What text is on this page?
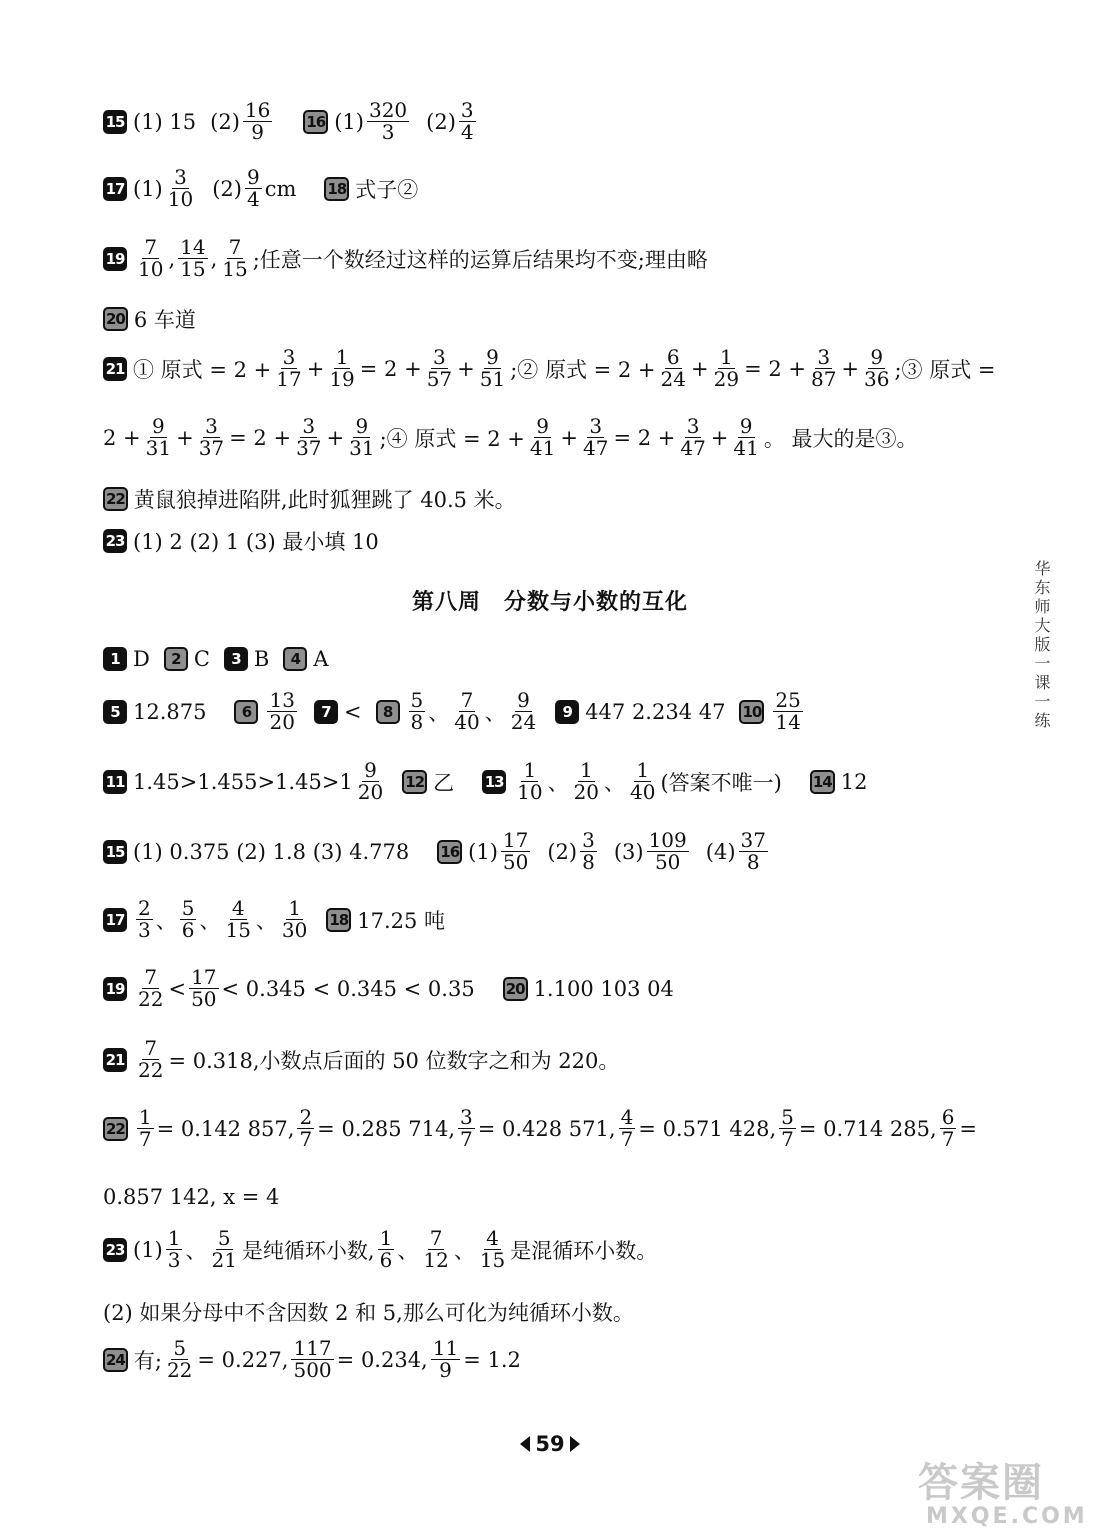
15 (1) 15 $(2) \frac{16}{9} 16$ $(1) \frac{320}{3} (2) \frac{3}{4}$
17 $(1) \frac{3}{10} (2) \frac{9}{4}$ cm 18 式子②
$19 \frac{7}{10}$ , $\frac{14}{15}$ , $\frac{7}{15}$ ;任意一个数经过这样的运算后结果均不变;理由略
20 6 车道
21 ① 原式 = $2 + \frac{3}{17} + \frac{1}{19} = 2 + \frac{3}{57} + \frac{9}{51}$ ;② 原式 = $2 + \frac{6}{24} + \frac{1}{29} = 2 + \frac{3}{87} + \frac{9}{36}$ ;③ 原式 =
$2 + \frac{9}{31} + \frac{3}{37} = 2 + \frac{3}{37} + \frac{9}{31}$ ;④ 原式 = $2 + \frac{9}{41} + \frac{3}{47} = 2 + \frac{3}{47} + \frac{9}{41}$ 。 最大的是③。
22 黄鼠狼掉进陷阱,此时狐狸跳了 40.5 米。
23 (1) 2 (2) 1 (3) 最小填 10
第八周　分数与小数的互化	华东师大版一课一练
1 D	2 C	3 B	4 A
5 12.875	$6 \frac{13}{20}$	7 <	$8 \frac{5}{8}$ 、 $\frac{7}{40}$ 、 $\frac{9}{24}$	9 447 2.234 47 $10 \frac{25}{14}$
11 $1.45>1.455>1.45>1 \frac{9}{20} 12$ 乙 $13 \frac{1}{10}$ 、 $\frac{1}{20}$ 、 $\frac{1}{40}$ (答案不唯一) 14 12
15 (1) 0.375 (2) 1.8 (3) 4.778 16 $(1) \frac{17}{50} (2) \frac{3}{8} (3) \frac{109}{50} (4) \frac{37}{8}$
$17 \frac{2}{3}$ 、 $\frac{5}{6}$ 、 $\frac{4}{15}$ 、 $\frac{1}{30} 18$ 17.25 吨
$19 \frac{7}{22} < \frac{17}{50} < 0.345 < 0.345 < 0.35$ 20 1.100 103 04
$21 \frac{7}{22} = 0.318$,小数点后面的 50 位数字之和为 220。
$22 \frac{1}{7} = 0.142$ 857, $\frac{2}{7} = 0.285$ 714, $\frac{3}{7} = 0.428$ 571, $\frac{4}{7} = 0.571$ 428, $\frac{5}{7} = 0.714$ 285, $\frac{6}{7}$ =
0.857 142, x = 4
23 $(1) \frac{1}{3}$ 、 $\frac{5}{21}$ 是纯循环小数, $\frac{1}{6}$ 、 $\frac{7}{12}$ 、 $\frac{4}{15}$ 是混循环小数。
(2) 如果分母中不含因数 2 和 5,那么可化为纯循环小数。
24 有; $\frac{5}{22} = 0.227$, $\frac{117}{500} = 0.234$, $\frac{11}{9} = 1.2$
59
答案圈
MXQE.COM
